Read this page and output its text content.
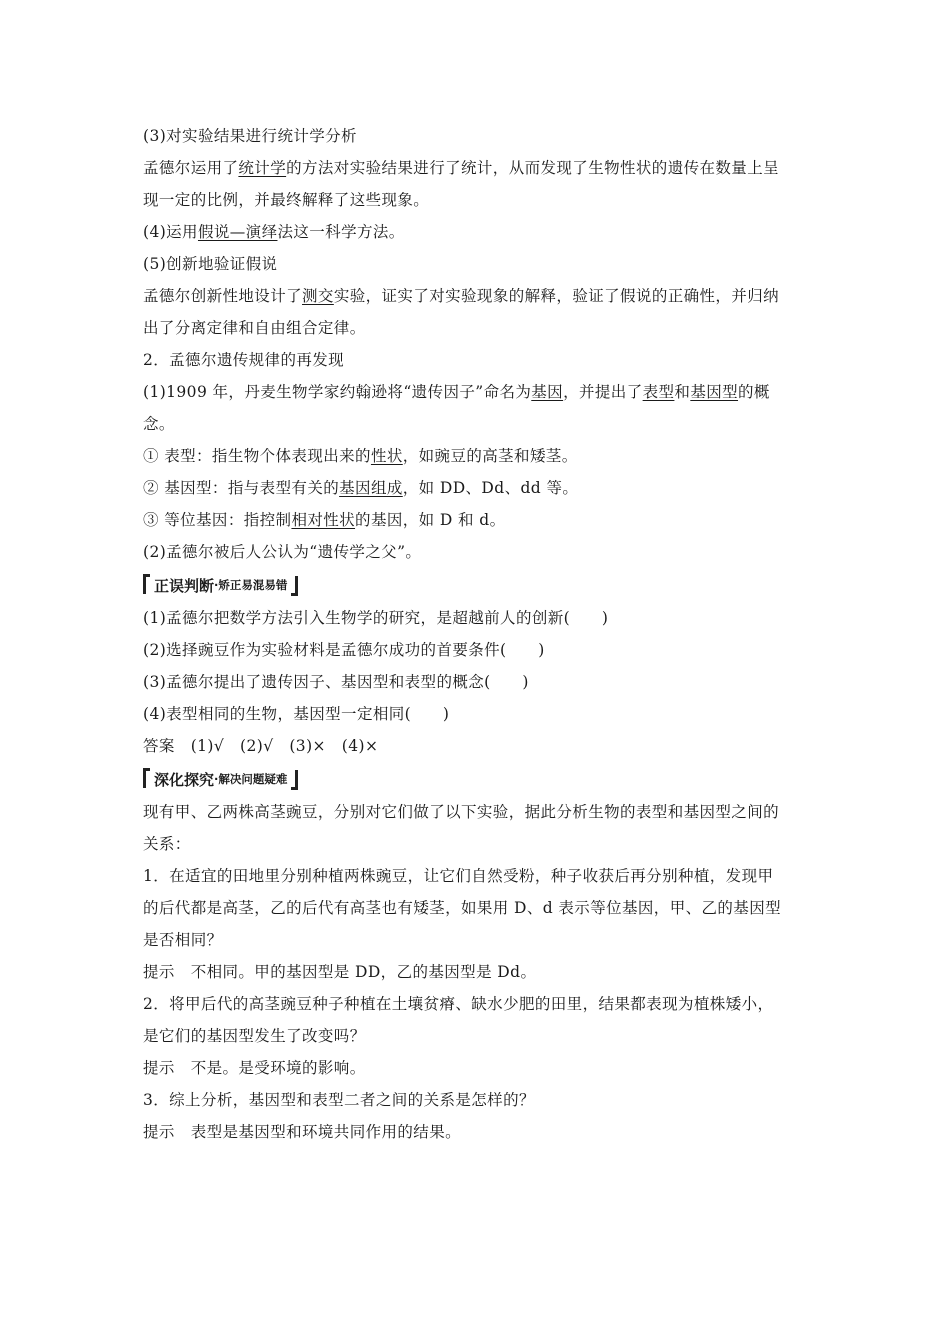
(3)对实验结果进行统计学分析
孟德尔运用了统计学的方法对实验结果进行了统计，从而发现了生物性状的遗传在数量上呈
现一定的比例，并最终解释了这些现象。
(4)运用假说—演绎法这一科学方法。
(5)创新地验证假说
孟德尔创新性地设计了测交实验，证实了对实验现象的解释，验证了假说的正确性，并归纳
出了分离定律和自由组合定律。
2．孟德尔遗传规律的再发现
(1)1909 年，丹麦生物学家约翰逊将“遗传因子”命名为基因，并提出了表型和基因型的概
念。
① 表型：指生物个体表现出来的性状，如豌豆的高茎和矮茎。
② 基因型：指与表型有关的基因组成，如 DD、Dd、dd 等。
③ 等位基因：指控制相对性状的基因，如 D 和 d。
(2)孟德尔被后人公认为“遗传学之父”。
正误判断 ·矫正易混易错
(1)孟德尔把数学方法引入生物学的研究，是超越前人的创新(　　)
(2)选择豌豆作为实验材料是孟德尔成功的首要条件(　　)
(3)孟德尔提出了遗传因子、基因型和表型的概念(　　)
(4)表型相同的生物，基因型一定相同(　　)
答案　(1)√　(2)√　(3)×　(4)×
深化探究 ·解决问题疑难
现有甲、乙两株高茎豌豆，分别对它们做了以下实验，据此分析生物的表型和基因型之间的
关系：
1．在适宜的田地里分别种植两株豌豆，让它们自然受粉，种子收获后再分别种植，发现甲
的后代都是高茎，乙的后代有高茎也有矮茎，如果用 D、d 表示等位基因，甲、乙的基因型
是否相同？
提示　不相同。甲的基因型是 DD，乙的基因型是 Dd。
2．将甲后代的高茎豌豆种子种植在土壤贫瘠、缺水少肥的田里，结果都表现为植株矮小，
是它们的基因型发生了改变吗？
提示　不是。是受环境的影响。
3．综上分析，基因型和表型二者之间的关系是怎样的？
提示　表型是基因型和环境共同作用的结果。
